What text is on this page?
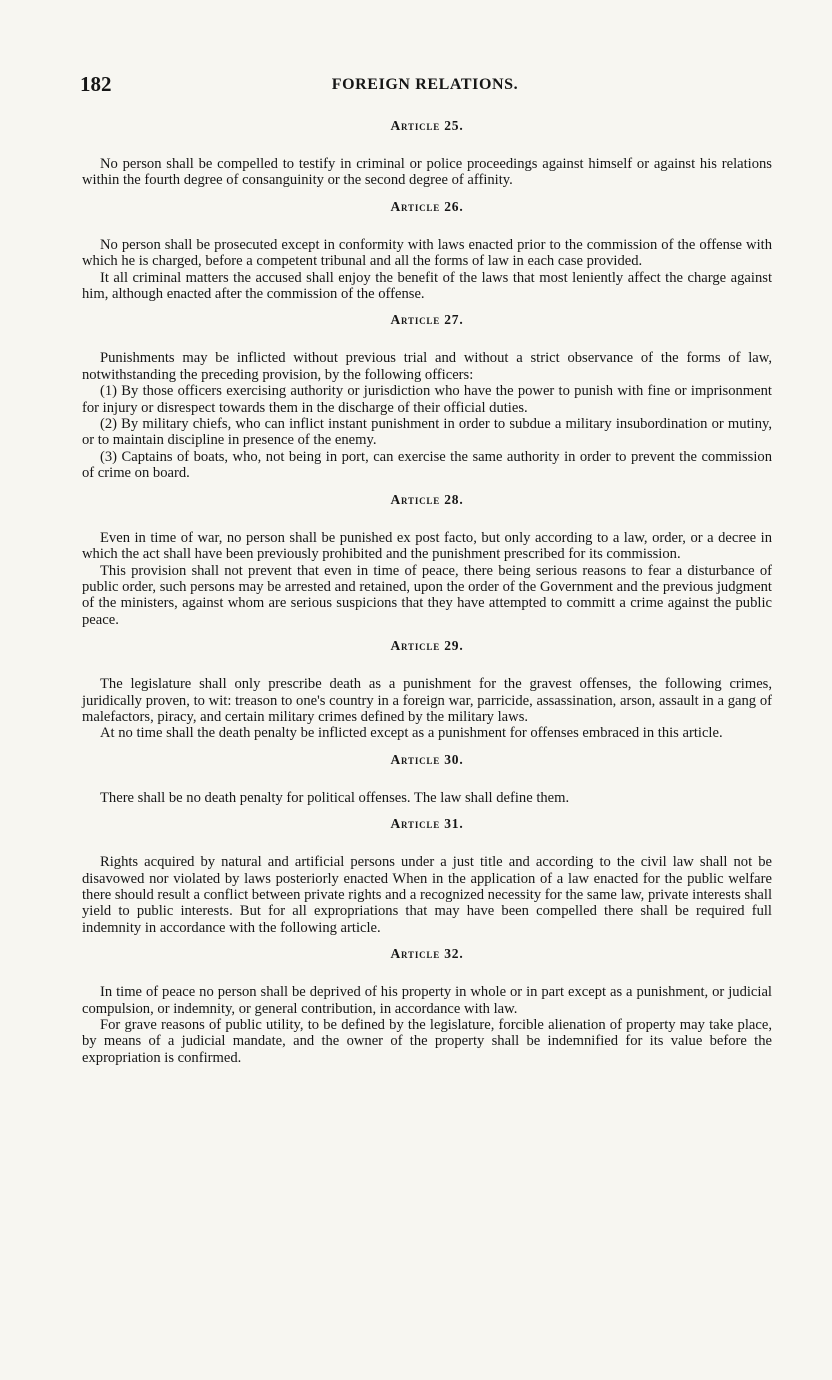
182	FOREIGN RELATIONS.
Article 25.

No person shall be compelled to testify in criminal or police proceedings against himself or against his relations within the fourth degree of consanguinity or the second degree of affinity.

Article 26.

No person shall be prosecuted except in conformity with laws enacted prior to the commission of the offense with which he is charged, before a competent tribunal and all the forms of law in each case provided.

It all criminal matters the accused shall enjoy the benefit of the laws that most leniently affect the charge against him, although enacted after the commission of the offense.

Article 27.

Punishments may be inflicted without previous trial and without a strict observance of the forms of law, notwithstanding the preceding provision, by the following officers:

(1) By those officers exercising authority or jurisdiction who have the power to punish with fine or imprisonment for injury or disrespect towards them in the discharge of their official duties.

(2) By military chiefs, who can inflict instant punishment in order to subdue a military insubordination or mutiny, or to maintain discipline in presence of the enemy.

(3) Captains of boats, who, not being in port, can exercise the same authority in order to prevent the commission of crime on board.

Article 28.

Even in time of war, no person shall be punished ex post facto, but only according to a law, order, or a decree in which the act shall have been previously prohibited and the punishment prescribed for its commission.

This provision shall not prevent that even in time of peace, there being serious reasons to fear a disturbance of public order, such persons may be arrested and retained, upon the order of the Government and the previous judgment of the ministers, against whom are serious suspicions that they have attempted to committ a crime against the public peace.

Article 29.

The legislature shall only prescribe death as a punishment for the gravest offenses, the following crimes, juridically proven, to wit: treason to one's country in a foreign war, parricide, assassination, arson, assault in a gang of malefactors, piracy, and certain military crimes defined by the military laws.

At no time shall the death penalty be inflicted except as a punishment for offenses embraced in this article.

Article 30.

There shall be no death penalty for political offenses. The law shall define them.

Article 31.

Rights acquired by natural and artificial persons under a just title and according to the civil law shall not be disavowed nor violated by laws posteriorly enacted When in the application of a law enacted for the public welfare there should result a conflict between private rights and a recognized necessity for the same law, private interests shall yield to public interests. But for all expropriations that may have been compelled there shall be required full indemnity in accordance with the following article.

Article 32.

In time of peace no person shall be deprived of his property in whole or in part except as a punishment, or judicial compulsion, or indemnity, or general contribution, in accordance with law.

For grave reasons of public utility, to be defined by the legislature, forcible alienation of property may take place, by means of a judicial mandate, and the owner of the property shall be indemnified for its value before the expropriation is confirmed.
